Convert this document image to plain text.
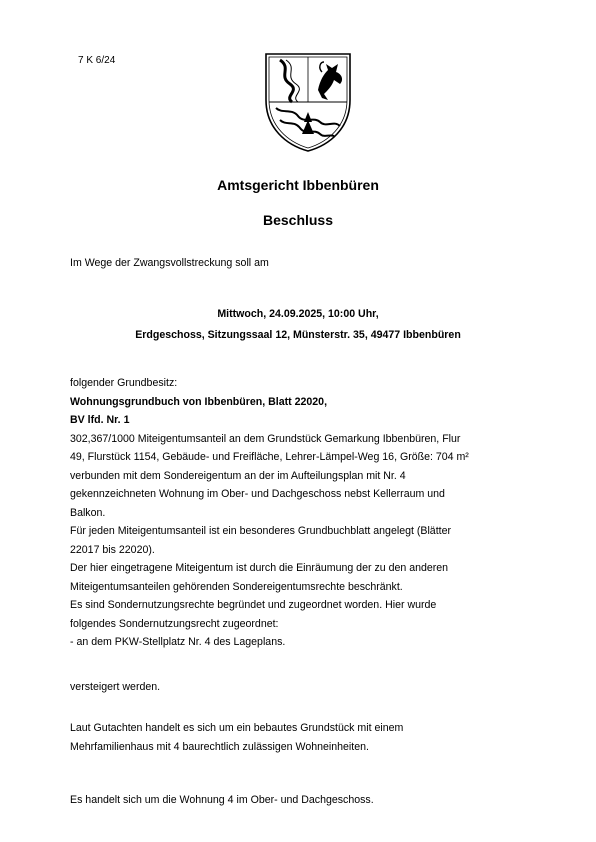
7 K 6/24
Amtsgericht Ibbenbüren
Beschluss
Im Wege der Zwangsvollstreckung soll am
Mittwoch, 24.09.2025, 10:00 Uhr,
Erdgeschoss, Sitzungssaal 12, Münsterstr. 35, 49477 Ibbenbüren
folgender Grundbesitz:
Wohnungsgrundbuch von Ibbenbüren, Blatt 22020,
BV lfd. Nr. 1
302,367/1000 Miteigentumsanteil an dem Grundstück Gemarkung Ibbenbüren, Flur
49, Flurstück 1154, Gebäude- und Freifläche, Lehrer-Lämpel-Weg 16, Größe: 704 m²
verbunden mit dem Sondereigentum an der im Aufteilungsplan mit Nr. 4
gekennzeichneten Wohnung im Ober- und Dachgeschoss nebst Kellerraum und
Balkon.
Für jeden Miteigentumsanteil ist ein besonderes Grundbuchblatt angelegt (Blätter
22017 bis 22020).
Der hier eingetragene Miteigentum ist durch die Einräumung der zu den anderen
Miteigentumsanteilen gehörenden Sondereigentumsrechte beschränkt.
Es sind Sondernutzungsrechte begründet und zugeordnet worden. Hier wurde
folgendes Sondernutzungsrecht zugeordnet:
- an dem PKW-Stellplatz Nr. 4 des Lageplans.
versteigert werden.
Laut Gutachten handelt es sich um ein bebautes Grundstück mit einem
Mehrfamilienhaus mit 4 baurechtlich zulässigen Wohneinheiten.
Es handelt sich um die Wohnung 4 im Ober- und Dachgeschoss.
